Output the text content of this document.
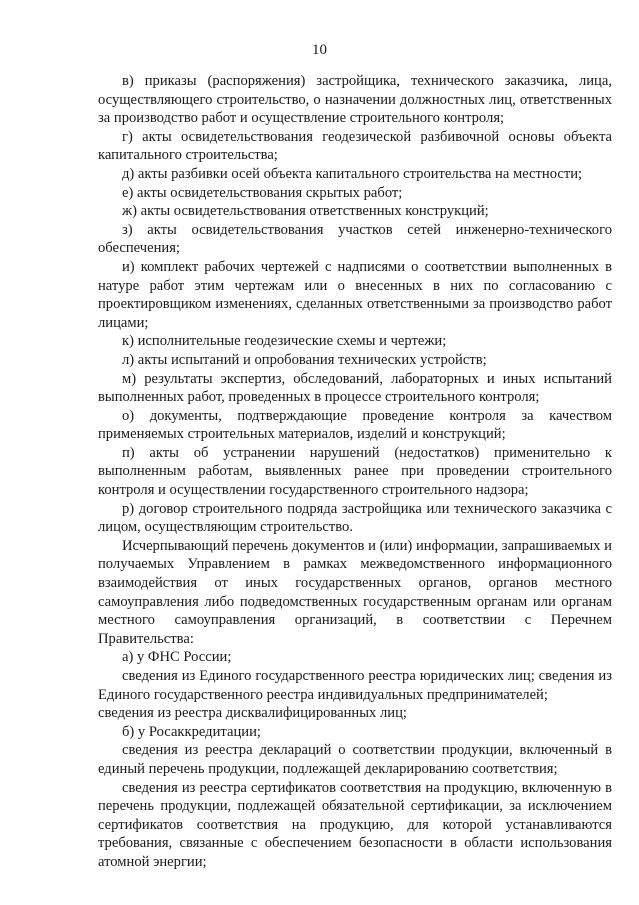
10

в) приказы (распоряжения) застройщика, технического заказчика, лица, осуществляющего строительство, о назначении должностных лиц, ответственных за производство работ и осуществление строительного контроля;

г) акты освидетельствования геодезической разбивочной основы объекта капитального строительства;

д) акты разбивки осей объекта капитального строительства на местности;

е) акты освидетельствования скрытых работ;

ж) акты освидетельствования ответственных конструкций;

з) акты освидетельствования участков сетей инженерно-технического обеспечения;

и) комплект рабочих чертежей с надписями о соответствии выполненных в натуре работ этим чертежам или о внесенных в них по согласованию с проектировщиком изменениях, сделанных ответственными за производство работ лицами;

к) исполнительные геодезические схемы и чертежи;

л) акты испытаний и опробования технических устройств;

м) результаты экспертиз, обследований, лабораторных и иных испытаний выполненных работ, проведенных в процессе строительного контроля;

о) документы, подтверждающие проведение контроля за качеством применяемых строительных материалов, изделий и конструкций;

п) акты об устранении нарушений (недостатков) применительно к выполненным работам, выявленных ранее при проведении строительного контроля и осуществлении государственного строительного надзора;

р) договор строительного подряда застройщика или технического заказчика с лицом, осуществляющим строительство.

Исчерпывающий перечень документов и (или) информации, запрашиваемых и получаемых Управлением в рамках межведомственного информационного взаимодействия от иных государственных органов, органов местного самоуправления либо подведомственных государственным органам или органам местного самоуправления организаций, в соответствии с Перечнем Правительства:

а) у ФНС России;

сведения из Единого государственного реестра юридических лиц; сведения из Единого государственного реестра индивидуальных предпринимателей;

сведения из реестра дисквалифицированных лиц;

б) у Росаккредитации;

сведения из реестра деклараций о соответствии продукции, включенный в единый перечень продукции, подлежащей декларированию соответствия;

сведения из реестра сертификатов соответствия на продукцию, включенную в перечень продукции, подлежащей обязательной сертификации, за исключением сертификатов соответствия на продукцию, для которой устанавливаются требования, связанные с обеспечением безопасности в области использования атомной энергии;
